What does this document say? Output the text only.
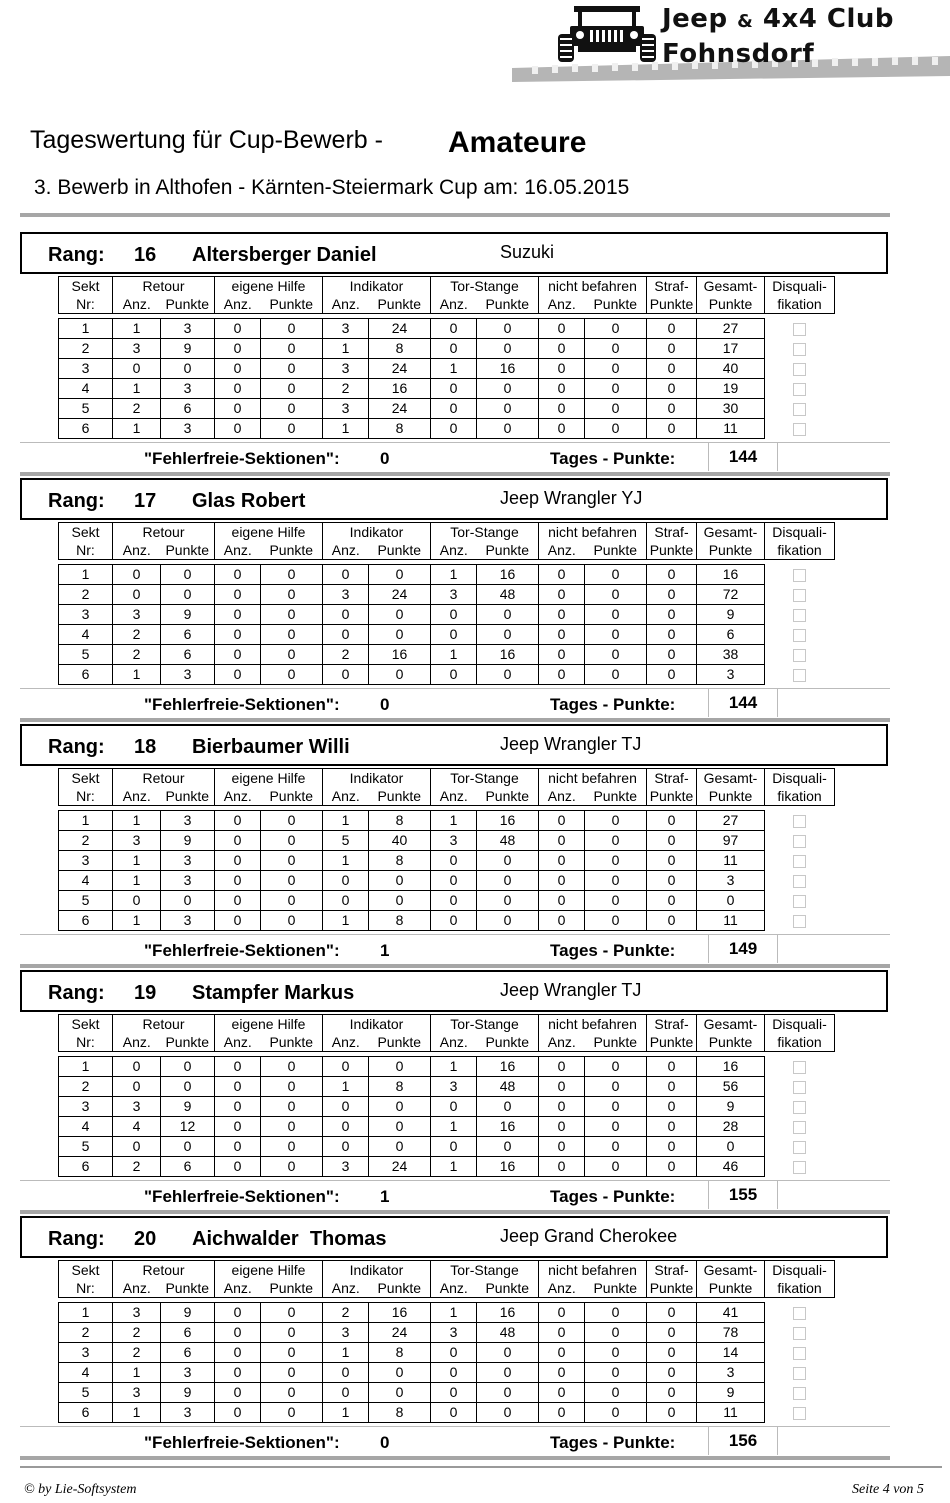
Jeep & 4x4 Club
Fohnsdorf
Tageswertung für Cup-Bewerb - Amateure
3. Bewerb in Althofen - Kärnten-Steiermark Cup am: 16.05.2015
Rang: 16 Altersberger Daniel	Suzuki
Sekt	Retour		eigene Hilfe		Indikator		Tor-Stange		nicht befahren		Straf-	Gesamt-	Disquali-
Nr:	Anz.	Punkte	Anz.	Punkte	Anz.	Punkte	Anz.	Punkte	Anz.	Punkte	Punkte	Punkte	fikation

1	1	3	0	0	3	24	0	0	0	0	0	27	
2	3	9	0	0	1	8	0	0	0	0	0	17	
3	0	0	0	0	3	24	1	16	0	0	0	40	
4	1	3	0	0	2	16	0	0	0	0	0	19	
5	2	6	0	0	3	24	0	0	0	0	0	30	
6	1	3	0	0	1	8	0	0	0	0	0	11	
"Fehlerfreie-Sektionen": 0	Tages - Punkte:	144
Rang: 17 Glas Robert	Jeep Wrangler YJ
Sekt	Retour		eigene Hilfe		Indikator		Tor-Stange		nicht befahren		Straf-	Gesamt-	Disquali-
Nr:	Anz.	Punkte	Anz.	Punkte	Anz.	Punkte	Anz.	Punkte	Anz.	Punkte	Punkte	Punkte	fikation

1	0	0	0	0	0	0	1	16	0	0	0	16	
2	0	0	0	0	3	24	3	48	0	0	0	72	
3	3	9	0	0	0	0	0	0	0	0	0	9	
4	2	6	0	0	0	0	0	0	0	0	0	6	
5	2	6	0	0	2	16	1	16	0	0	0	38	
6	1	3	0	0	0	0	0	0	0	0	0	3	
"Fehlerfreie-Sektionen": 0	Tages - Punkte:	144
Rang: 18 Bierbaumer Willi	Jeep Wrangler TJ
Sekt	Retour		eigene Hilfe		Indikator		Tor-Stange		nicht befahren		Straf-	Gesamt-	Disquali-
Nr:	Anz.	Punkte	Anz.	Punkte	Anz.	Punkte	Anz.	Punkte	Anz.	Punkte	Punkte	Punkte	fikation

1	1	3	0	0	1	8	1	16	0	0	0	27	
2	3	9	0	0	5	40	3	48	0	0	0	97	
3	1	3	0	0	1	8	0	0	0	0	0	11	
4	1	3	0	0	0	0	0	0	0	0	0	3	
5	0	0	0	0	0	0	0	0	0	0	0	0	
6	1	3	0	0	1	8	0	0	0	0	0	11	
"Fehlerfreie-Sektionen": 1	Tages - Punkte:	149
Rang: 19 Stampfer Markus	Jeep Wrangler TJ
Sekt	Retour		eigene Hilfe		Indikator		Tor-Stange		nicht befahren		Straf-	Gesamt-	Disquali-
Nr:	Anz.	Punkte	Anz.	Punkte	Anz.	Punkte	Anz.	Punkte	Anz.	Punkte	Punkte	Punkte	fikation

1	0	0	0	0	0	0	1	16	0	0	0	16	
2	0	0	0	0	1	8	3	48	0	0	0	56	
3	3	9	0	0	0	0	0	0	0	0	0	9	
4	4	12	0	0	0	0	1	16	0	0	0	28	
5	0	0	0	0	0	0	0	0	0	0	0	0	
6	2	6	0	0	3	24	1	16	0	0	0	46	
"Fehlerfreie-Sektionen": 1	Tages - Punkte:	155
Rang: 20 Aichwalder  Thomas	Jeep Grand Cherokee
Sekt	Retour		eigene Hilfe		Indikator		Tor-Stange		nicht befahren		Straf-	Gesamt-	Disquali-
Nr:	Anz.	Punkte	Anz.	Punkte	Anz.	Punkte	Anz.	Punkte	Anz.	Punkte	Punkte	Punkte	fikation

1	3	9	0	0	2	16	1	16	0	0	0	41	
2	2	6	0	0	3	24	3	48	0	0	0	78	
3	2	6	0	0	1	8	0	0	0	0	0	14	
4	1	3	0	0	0	0	0	0	0	0	0	3	
5	3	9	0	0	0	0	0	0	0	0	0	9	
6	1	3	0	0	1	8	0	0	0	0	0	11	
"Fehlerfreie-Sektionen": 0	Tages - Punkte:	156
© by Lie-Softsystem	Seite 4 von 5
